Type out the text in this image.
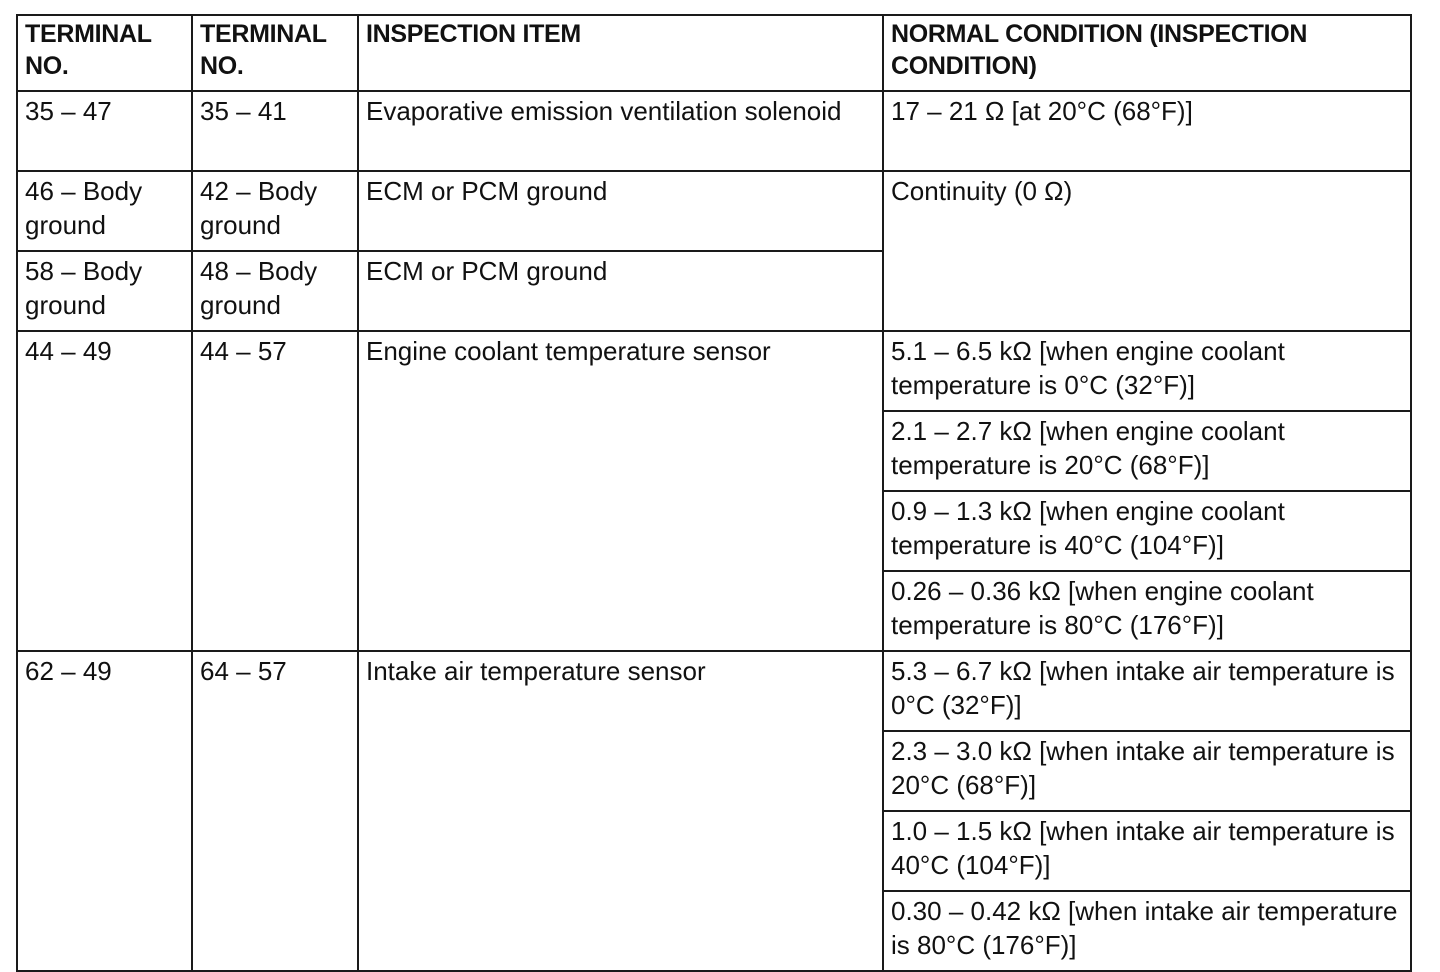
TERMINAL NO.	TERMINAL NO.	INSPECTION ITEM	NORMAL CONDITION (INSPECTION CONDITION)
35 – 47	35 – 41	Evaporative emission ventilation solenoid	17 – 21 Ω [at 20°C (68°F)]
46 – Body ground	42 – Body ground	ECM or PCM ground	Continuity (0 Ω)
58 – Body ground	48 – Body ground	ECM or PCM ground	
44 – 49	44 – 57	Engine coolant temperature sensor	5.1 – 6.5 kΩ [when engine coolant temperature is 0°C (32°F)]
			2.1 – 2.7 kΩ [when engine coolant temperature is 20°C (68°F)]
			0.9 – 1.3 kΩ [when engine coolant temperature is 40°C (104°F)]
			0.26 – 0.36 kΩ [when engine coolant temperature is 80°C (176°F)]
62 – 49	64 – 57	Intake air temperature sensor	5.3 – 6.7 kΩ [when intake air temperature is 0°C (32°F)]
			2.3 – 3.0 kΩ [when intake air temperature is 20°C (68°F)]
			1.0 – 1.5 kΩ [when intake air temperature is 40°C (104°F)]
			0.30 – 0.42 kΩ [when intake air temperature is 80°C (176°F)]
